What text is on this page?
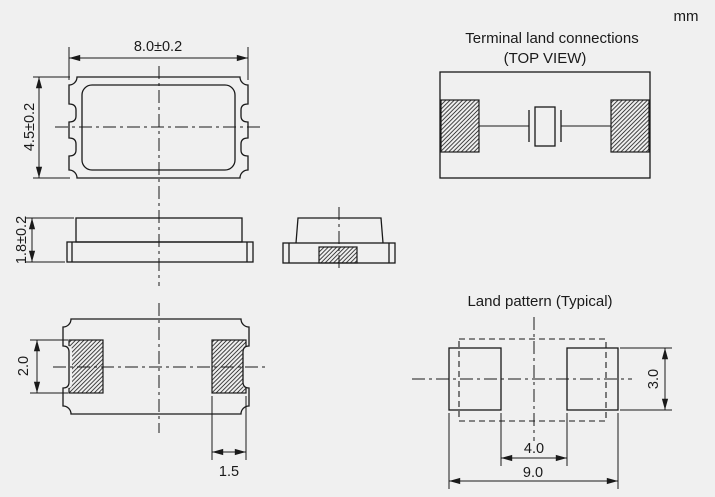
mm
8.0±0.2
4.5±0.2
1.8±0.2
2.0
1.5
Terminal land connections
(TOP VIEW)
Land pattern (Typical)
3.0
4.0
9.0
